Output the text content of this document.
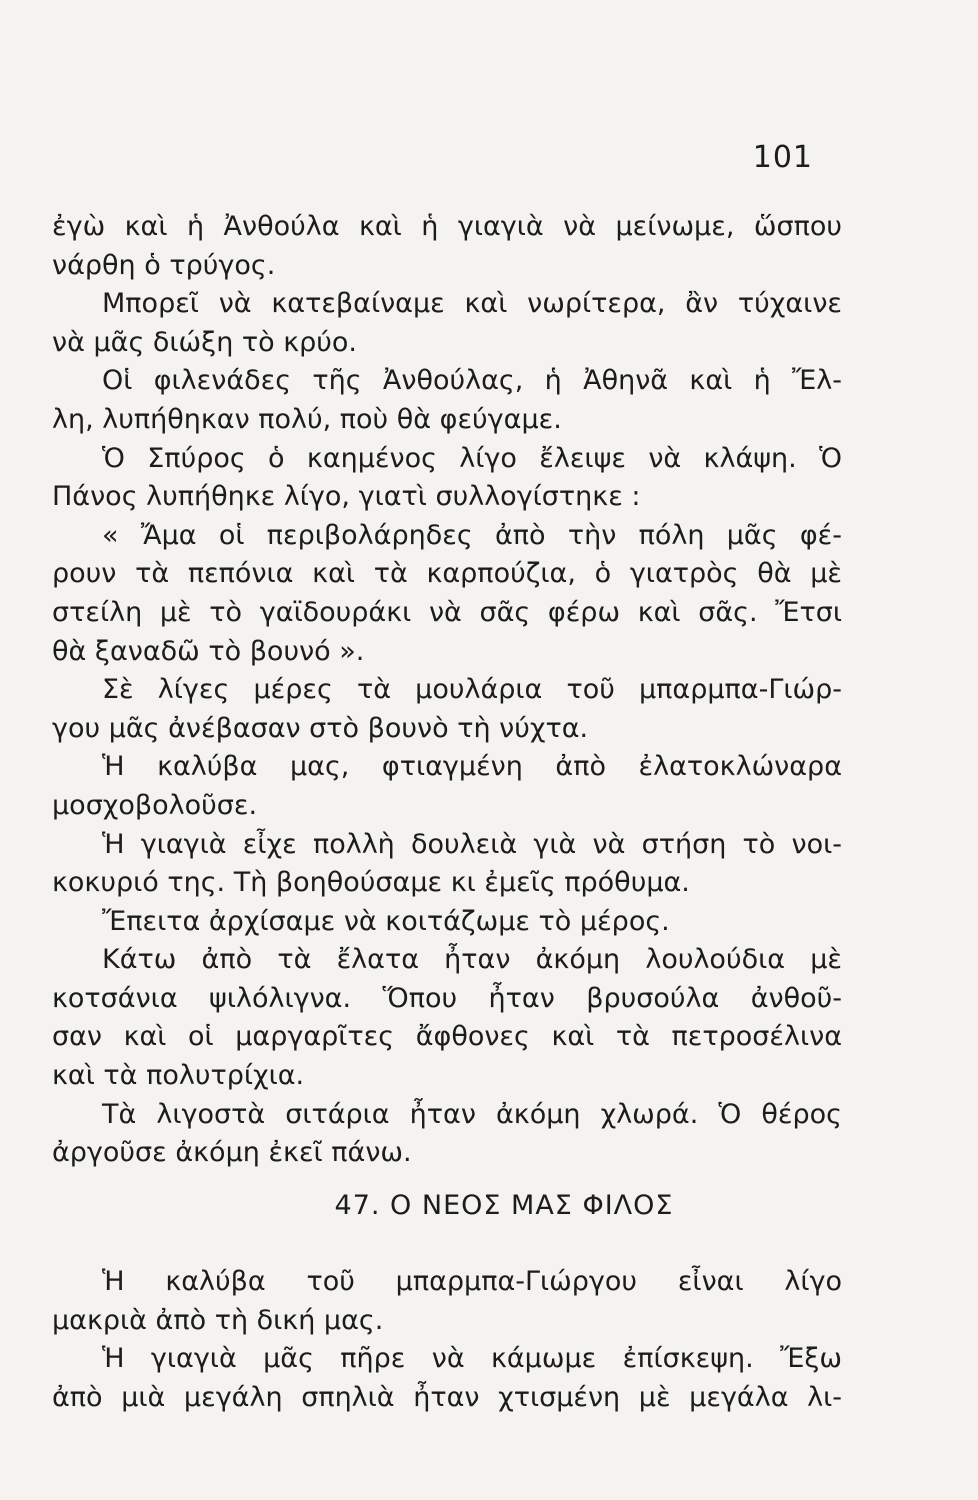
101
ἐγὼ καὶ ἡ Ἀνθούλα καὶ ἡ γιαγιὰ νὰ μείνωμε, ὥσπου
νάρθη ὁ τρύγος.
Μπορεῖ νὰ κατεβαίναμε καὶ νωρίτερα, ἂν τύχαινε
νὰ μᾶς διώξη τὸ κρύο.
Οἱ φιλενάδες τῆς Ἀνθούλας, ἡ Ἀθηνᾶ καὶ ἡ Ἔλ-
λη, λυπήθηκαν πολύ, ποὺ θὰ φεύγαμε.
Ὁ Σπύρος ὁ καημένος λίγο ἔλειψε νὰ κλάψη. Ὁ
Πάνος λυπήθηκε λίγο, γιατὶ συλλογίστηκε :
« Ἄμα οἱ περιβολάρηδες ἀπὸ τὴν πόλη μᾶς φέ-
ρουν τὰ πεπόνια καὶ τὰ καρπούζια, ὁ γιατρὸς θὰ μὲ
στείλη μὲ τὸ γαϊδουράκι νὰ σᾶς φέρω καὶ σᾶς. Ἔτσι
θὰ ξαναδῶ τὸ βουνό ».
Σὲ λίγες μέρες τὰ μουλάρια τοῦ μπαρμπα-Γιώρ-
γου μᾶς ἀνέβασαν στὸ βουνὸ τὴ νύχτα.
Ἡ καλύβα μας, φτιαγμένη ἀπὸ ἐλατοκλώναρα
μοσχοβολοῦσε.
Ἡ γιαγιὰ εἶχε πολλὴ δουλειὰ γιὰ νὰ στήση τὸ νοι-
κοκυριό της. Τὴ βοηθούσαμε κι ἐμεῖς πρόθυμα.
Ἔπειτα ἀρχίσαμε νὰ κοιτάζωμε τὸ μέρος.
Κάτω ἀπὸ τὰ ἔλατα ἦταν ἀκόμη λουλούδια μὲ
κοτσάνια ψιλόλιγνα. Ὅπου ἦταν βρυσούλα ἀνθοῦ-
σαν καὶ οἱ μαργαρῖτες ἄφθονες καὶ τὰ πετροσέλινα
καὶ τὰ πολυτρίχια.
Τὰ λιγοστὰ σιτάρια ἦταν ἀκόμη χλωρά. Ὁ θέρος
ἀργοῦσε ἀκόμη ἐκεῖ πάνω.
47. Ο ΝΕΟΣ ΜΑΣ ΦΙΛΟΣ
Ἡ καλύβα τοῦ μπαρμπα-Γιώργου εἶναι λίγο
μακριὰ ἀπὸ τὴ δική μας.
Ἡ γιαγιὰ μᾶς πῆρε νὰ κάμωμε ἐπίσκεψη. Ἔξω
ἀπὸ μιὰ μεγάλη σπηλιὰ ἦταν χτισμένη μὲ μεγάλα λι-
